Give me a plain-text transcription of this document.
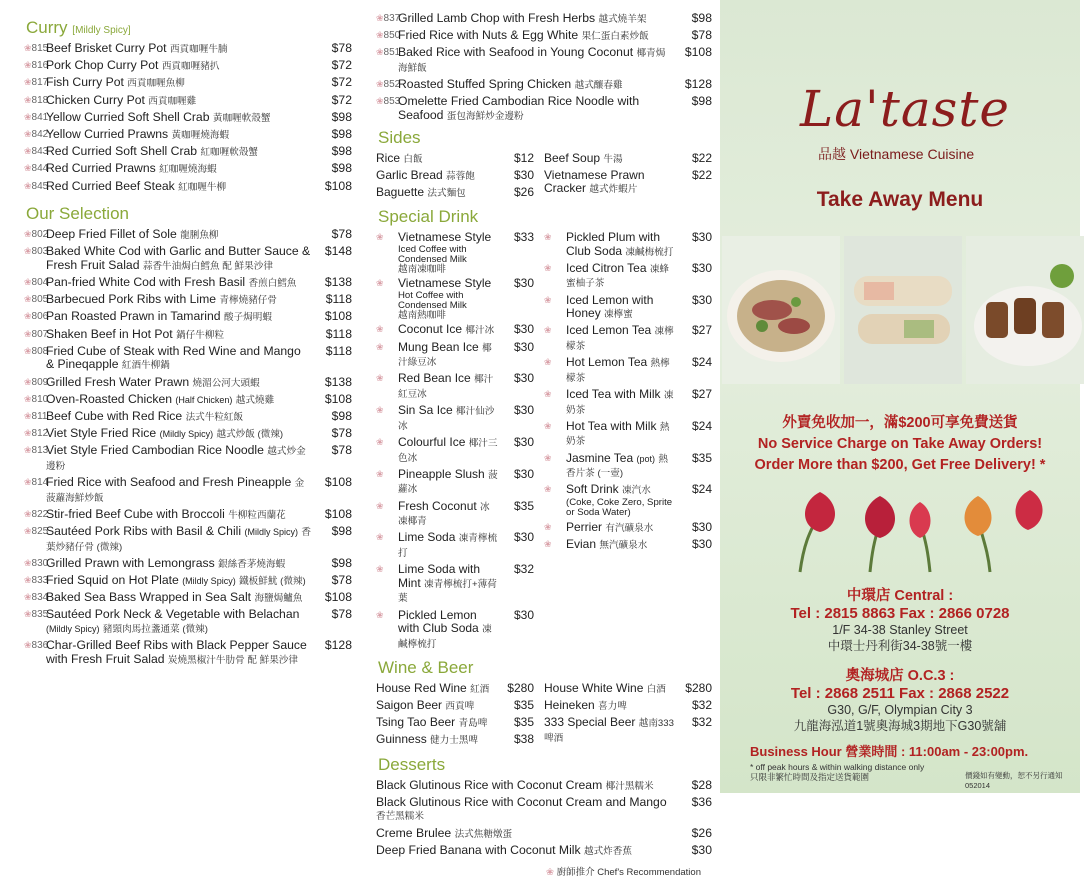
Curry [Mildly Spicy]
❀815
Beef Brisket Curry Pot 西貢咖喱牛腩	$78
❀816
Pork Chop Curry Pot 西貢咖喱豬扒	$72
❀817
Fish Curry Pot 西貢咖喱魚柳	$72
❀818
Chicken Curry Pot 西貢咖喱雞	$72
❀841
Yellow Curried Soft Shell Crab 黃咖喱軟殼蟹	$98
❀842
Yellow Curried Prawns 黃咖喱燒海蝦	$98
❀843
Red Curried Soft Shell Crab 紅咖喱軟殼蟹	$98
❀844
Red Curried Prawns 紅咖喱燒海蝦	$98
❀845
Red Curried Beef Steak 紅咖喱牛柳	$108
Our Selection
❀802
Deep Fried Fillet of Sole 龍脷魚柳	$78
❀803
Baked White Cod with Garlic and Butter Sauce & Fresh Fruit Salad 蒜香牛油焗白鱈魚 配 鮮果沙律
$148
❀804
Pan-fried White Cod with Fresh Basil 香煎白鱈魚	$138
❀805
Barbecued Pork Ribs with Lime 青檸燒豬仔骨	$118
❀806
Pan Roasted Prawn in Tamarind 酸子焗明蝦	$108
❀807
Shaken Beef in Hot Pot 鍋仔牛柳粒	$118
❀808
Fried Cube of Steak with Red Wine and Mango & Pineqapple 紅酒牛柳鍋
$118
❀809
Grilled Fresh Water Prawn 燒湄公河大頭蝦	$138
❀810
Oven-Roasted Chicken (Half Chicken) 越式燒雞	$108
❀811
Beef Cube with Red Rice 法式牛粒紅飯	$98
❀812
Viet Style Fried Rice (Mildly Spicy) 越式炒飯 (微辣)	$78
❀813
Viet Style Fried Cambodian Rice Noodle 越式炒金邊粉
$78
❀814
Fried Rice with Seafood and Fresh Pineapple 金菠蘿海鮮炒飯
$108
❀822
Stir-fried Beef Cube with Broccoli 牛柳粒西蘭花	$108
❀825
Sautéed Pork Ribs with Basil & Chili (Mildly Spicy) 香葉炒豬仔骨 (微辣)
$98
❀830
Grilled Prawn with Lemongrass 銀絲香茅燒海蝦	$98
❀833
Fried Squid on Hot Plate (Mildly Spicy) 鐵板鮮魷 (微辣)	$78
❀834
Baked Sea Bass Wrapped in Sea Salt 海鹽焗鱸魚	$108
❀835
Sautéed Pork Neck & Vegetable with Belachan (Mildly Spicy) 豬頸肉馬拉盞通菜 (微辣)
$78
❀836
Char-Grilled Beef Ribs with Black Pepper Sauce with Fresh Fruit Salad 炭燒黑椒汁牛肋骨 配 鮮果沙律
$128
❀837
Grilled Lamb Chop with Fresh Herbs 越式燒羊架	$98
❀850
Fried Rice with Nuts & Egg White 果仁蛋白素炒飯	$78
❀851
Baked Rice with Seafood in Young Coconut 椰青焗海鮮飯
$108
❀852
Roasted Stuffed Spring Chicken 越式釀春雞	$128
❀853
Omelette Fried Cambodian Rice Noodle with Seafood 蛋包海鮮炒金邊粉
$98
Sides
Rice 白飯	$12
Garlic Bread 蒜蓉飽	$30
Baguette 法式麵包	$26
Beef Soup 牛湯	$22
Vietnamese Prawn Cracker 越式炸蝦片
$22
Special Drink
❀	Vietnamese Style
Iced Coffee with Condensed Milk
越南凍咖啡
$33
❀	Vietnamese Style
Hot Coffee with Condensed Milk
越南熱咖啡
$30
❀	Coconut Ice 椰汁冰	$30
❀	Mung Bean Ice 椰汁綠豆冰
$30
❀	Red Bean Ice 椰汁紅豆冰
$30
❀	Sin Sa Ice 椰汁仙沙冰
$30
❀	Colourful Ice 椰汁三色冰
$30
❀	Pineapple Slush 菠蘿冰
$30
❀	Fresh Coconut 冰凍椰青
$35
❀	Lime Soda 凍青檸梳打
$30
❀	Lime Soda with Mint 凍青檸梳打+薄荷葉
$32
❀	Pickled Lemon with Club Soda 凍鹹檸梳打
$30
❀	Pickled Plum with Club Soda 凍鹹梅梳打
$30
❀	Iced Citron Tea 凍蜂蜜柚子茶
$30
❀	Iced Lemon with Honey 凍檸蜜
$30
❀	Iced Lemon Tea 凍檸檬茶
$27
❀	Hot Lemon Tea 熱檸檬茶
$24
❀	Iced Tea with Milk 凍奶茶
$27
❀	Hot Tea with Milk 熱奶茶
$24
❀	Jasmine Tea (pot) 熱香片茶 (一壺)
$35
❀	Soft Drink 凍汽水
(Coke, Coke Zero, Sprite or Soda Water)
$24
❀	Perrier 有汽礦泉水	$30
❀	Evian 無汽礦泉水	$30
Wine & Beer
House Red Wine 紅酒	$280
Saigon Beer 西貢啤	$35
Tsing Tao Beer 青島啤	$35
Guinness 健力士黑啤	$38
House White Wine 白酒	$280
Heineken 喜力啤	$32
333 Special Beer 越南333啤酒
$32
Desserts
Black Glutinous Rice with Coconut Cream 椰汁黑糯米	$28
Black Glutinous Rice with Coconut Cream and Mango 香芒黑糯米
$36
Creme Brulee 法式焦糖燉蛋	$26
Deep Fried Banana with Coconut Milk 越式炸香蕉	$30
❀ 廚師推介 Chef's Recommendation
La'taste
品越 Vietnamese Cuisine
Take Away Menu
外賣免收加一，滿$200可享免費送貨
No Service Charge on Take Away Orders!
Order More than $200, Get Free Delivery! *
中環店 Central :
Tel : 2815 8863 Fax : 2866 0728
1/F 34-38 Stanley Street
中環士丹利街34-38號一樓
奧海城店 O.C.3 :
Tel : 2868 2511 Fax : 2868 2522
G30, G/F, Olympian City 3
九龍海泓道1號奧海城3期地下G30號舖
Business Hour 營業時間 : 11:00am - 23:00pm.
* off peak hours & within walking distance only
只限非繁忙時間及指定送貨範圍	價錢如有變動，恕不另行通知 052014
